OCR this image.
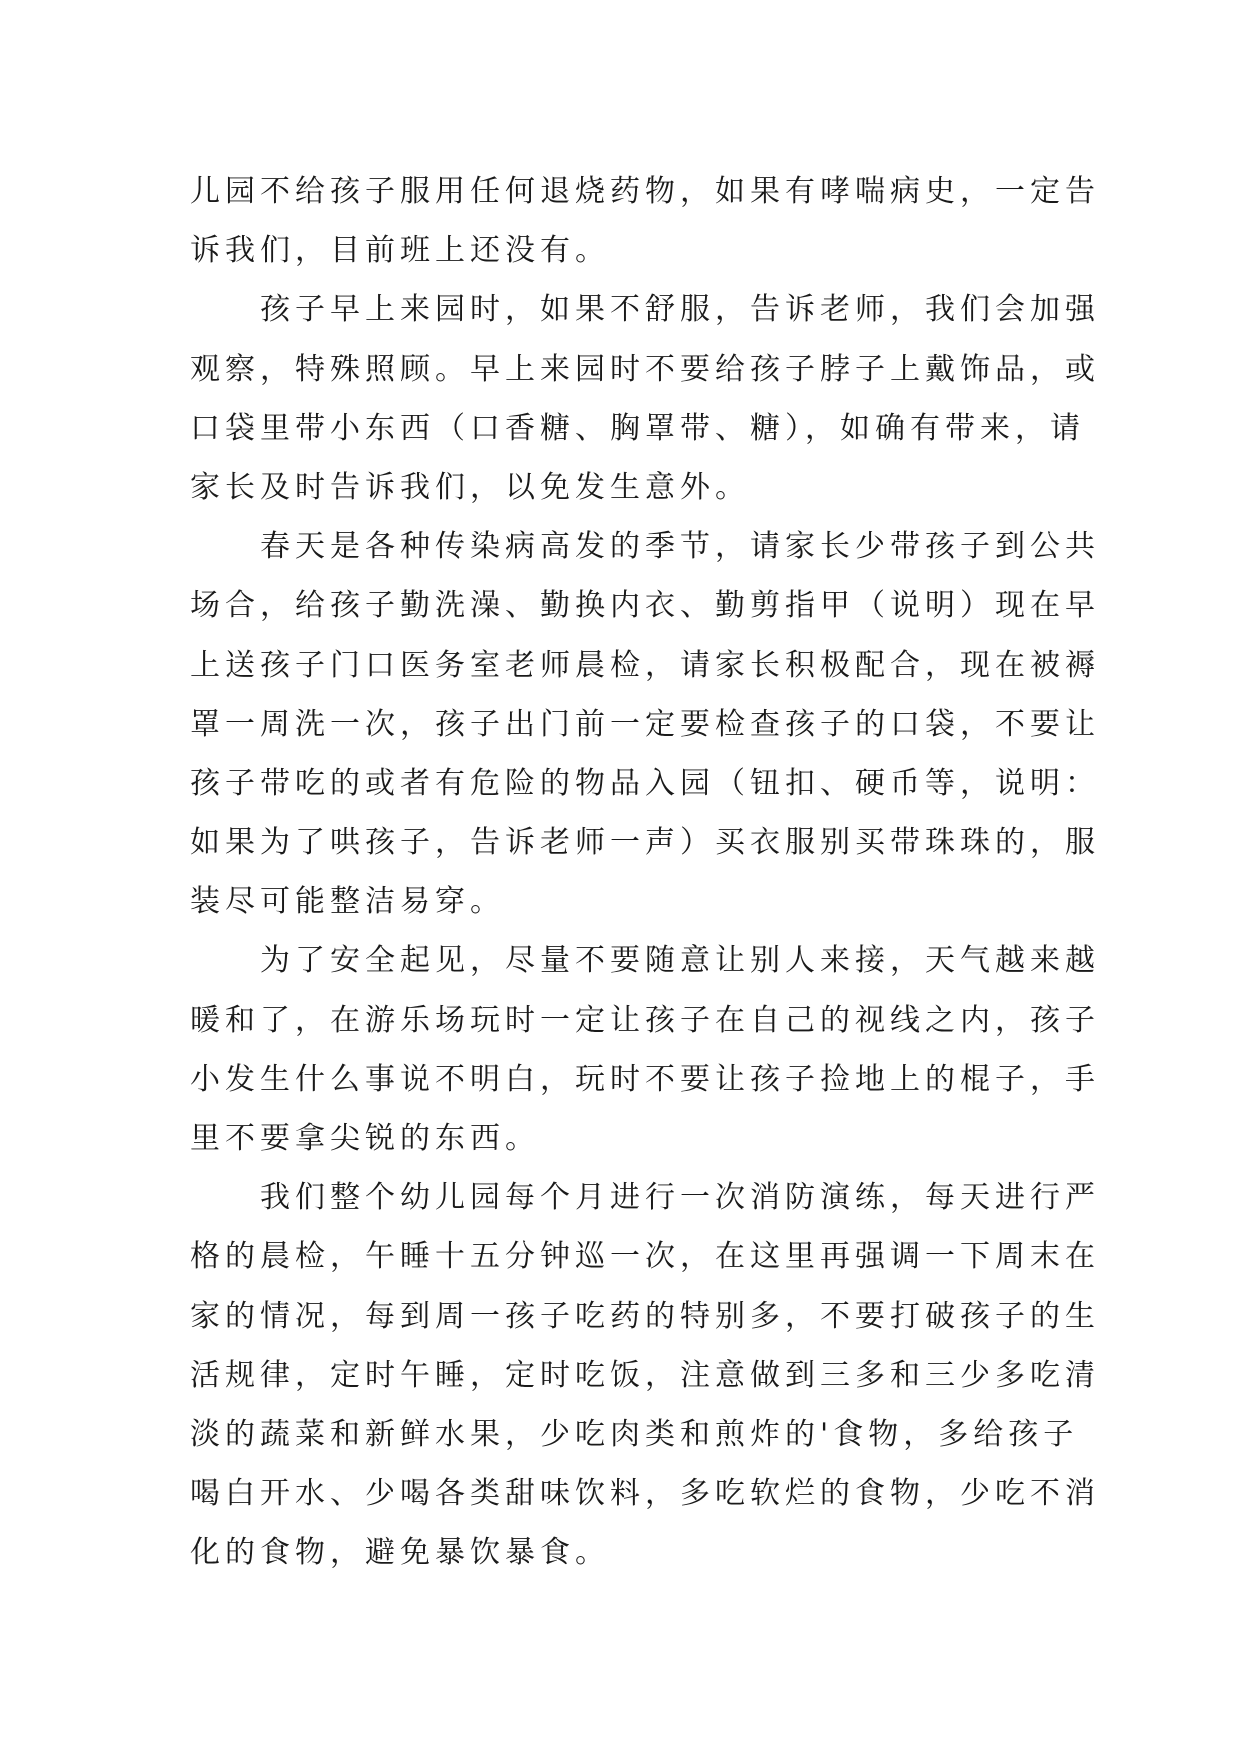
儿园不给孩子服用任何退烧药物，如果有哮喘病史，一定告
诉我们，目前班上还没有。
孩子早上来园时，如果不舒服，告诉老师，我们会加强
观察，特殊照顾。早上来园时不要给孩子脖子上戴饰品，或
口袋里带小东西（口香糖、胸罩带、糖），如确有带来，请
家长及时告诉我们，以免发生意外。
春天是各种传染病高发的季节，请家长少带孩子到公共
场合，给孩子勤洗澡、勤换内衣、勤剪指甲（说明）现在早
上送孩子门口医务室老师晨检，请家长积极配合，现在被褥
罩一周洗一次，孩子出门前一定要检查孩子的口袋，不要让
孩子带吃的或者有危险的物品入园（钮扣、硬币等，说明：
如果为了哄孩子，告诉老师一声）买衣服别买带珠珠的，服
装尽可能整洁易穿。
为了安全起见，尽量不要随意让别人来接，天气越来越
暖和了，在游乐场玩时一定让孩子在自己的视线之内，孩子
小发生什么事说不明白，玩时不要让孩子捡地上的棍子，手
里不要拿尖锐的东西。
我们整个幼儿园每个月进行一次消防演练，每天进行严
格的晨检，午睡十五分钟巡一次，在这里再强调一下周末在
家的情况，每到周一孩子吃药的特别多，不要打破孩子的生
活规律，定时午睡，定时吃饭，注意做到三多和三少多吃清
淡的蔬菜和新鲜水果，少吃肉类和煎炸的'食物，多给孩子
喝白开水、少喝各类甜味饮料，多吃软烂的食物，少吃不消
化的食物，避免暴饮暴食。
